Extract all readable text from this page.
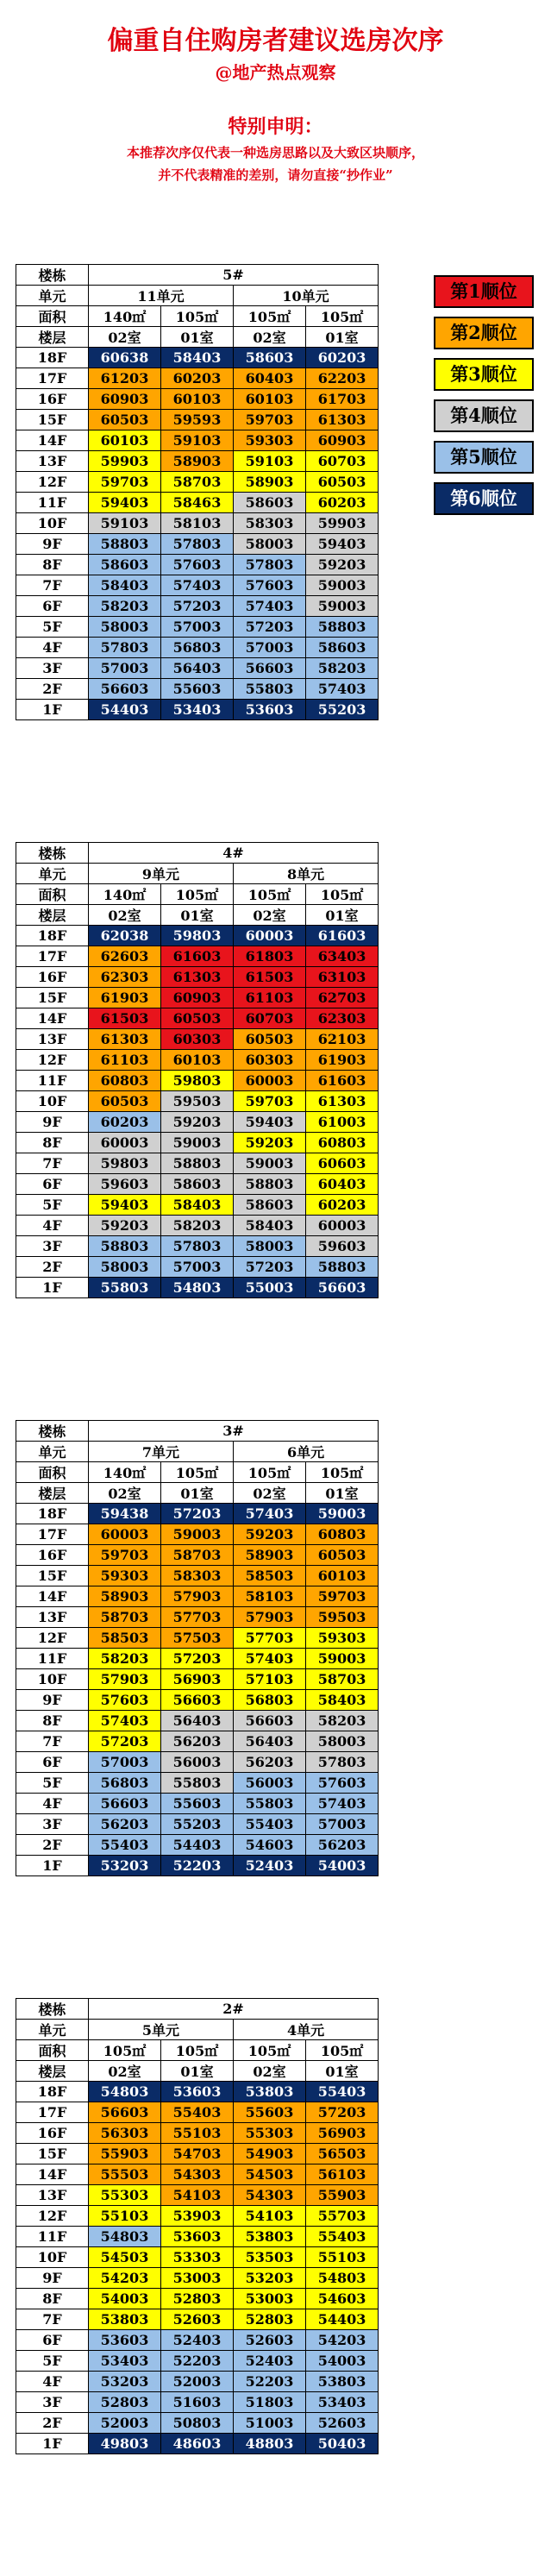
偏重自住购房者建议选房次序
@地产热点观察
特别申明：
本推荐次序仅代表一种选房思路以及大致区块顺序，
并不代表精准的差别，请勿直接“抄作业”
第1顺位
第2顺位
第3顺位
第4顺位
第5顺位
第6顺位
楼栋	5#			
单元	11单元		10单元	
面积	140㎡	105㎡	105㎡	105㎡
楼层	02室	01室	02室	01室
18F	60638	58403	58603	60203
17F	61203	60203	60403	62203
16F	60903	60103	60103	61703
15F	60503	59593	59703	61303
14F	60103	59103	59303	60903
13F	59903	58903	59103	60703
12F	59703	58703	58903	60503
11F	59403	58463	58603	60203
10F	59103	58103	58303	59903
9F	58803	57803	58003	59403
8F	58603	57603	57803	59203
7F	58403	57403	57603	59003
6F	58203	57203	57403	59003
5F	58003	57003	57203	58803
4F	57803	56803	57003	58603
3F	57003	56403	56603	58203
2F	56603	55603	55803	57403
1F	54403	53403	53603	55203
楼栋	4#			
单元	9单元		8单元	
面积	140㎡	105㎡	105㎡	105㎡
楼层	02室	01室	02室	01室
18F	62038	59803	60003	61603
17F	62603	61603	61803	63403
16F	62303	61303	61503	63103
15F	61903	60903	61103	62703
14F	61503	60503	60703	62303
13F	61303	60303	60503	62103
12F	61103	60103	60303	61903
11F	60803	59803	60003	61603
10F	60503	59503	59703	61303
9F	60203	59203	59403	61003
8F	60003	59003	59203	60803
7F	59803	58803	59003	60603
6F	59603	58603	58803	60403
5F	59403	58403	58603	60203
4F	59203	58203	58403	60003
3F	58803	57803	58003	59603
2F	58003	57003	57203	58803
1F	55803	54803	55003	56603
楼栋	3#			
单元	7单元		6单元	
面积	140㎡	105㎡	105㎡	105㎡
楼层	02室	01室	02室	01室
18F	59438	57203	57403	59003
17F	60003	59003	59203	60803
16F	59703	58703	58903	60503
15F	59303	58303	58503	60103
14F	58903	57903	58103	59703
13F	58703	57703	57903	59503
12F	58503	57503	57703	59303
11F	58203	57203	57403	59003
10F	57903	56903	57103	58703
9F	57603	56603	56803	58403
8F	57403	56403	56603	58203
7F	57203	56203	56403	58003
6F	57003	56003	56203	57803
5F	56803	55803	56003	57603
4F	56603	55603	55803	57403
3F	56203	55203	55403	57003
2F	55403	54403	54603	56203
1F	53203	52203	52403	54003
楼栋	2#			
单元	5单元		4单元	
面积	105㎡	105㎡	105㎡	105㎡
楼层	02室	01室	02室	01室
18F	54803	53603	53803	55403
17F	56603	55403	55603	57203
16F	56303	55103	55303	56903
15F	55903	54703	54903	56503
14F	55503	54303	54503	56103
13F	55303	54103	54303	55903
12F	55103	53903	54103	55703
11F	54803	53603	53803	55403
10F	54503	53303	53503	55103
9F	54203	53003	53203	54803
8F	54003	52803	53003	54603
7F	53803	52603	52803	54403
6F	53603	52403	52603	54203
5F	53403	52203	52403	54003
4F	53203	52003	52203	53803
3F	52803	51603	51803	53403
2F	52003	50803	51003	52603
1F	49803	48603	48803	50403
